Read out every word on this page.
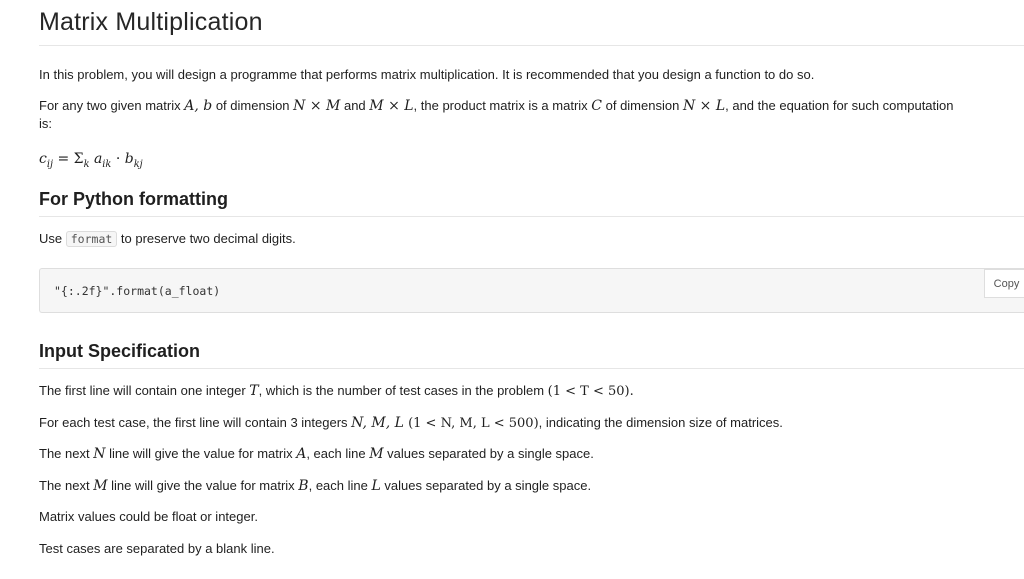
Matrix Multiplication

In this problem, you will design a programme that performs matrix multiplication. It is recommended that you design a function to do so.

For any two given matrix A, b of dimension N × M and M × L, the product matrix is a matrix C of dimension N × L, and the equation for such computation
is:

$c_{ij} = \Sigma_k$ $a_{ik} \cdot b_{kj}$

For Python formatting

Use format to preserve two decimal digits.

"{:.2f}".format(a_float)
Copy
Input Specification

The first line will contain one integer T, which is the number of test cases in the problem (1 < T < 50).

For each test case, the first line will contain 3 integers N, M, L (1 < N, M, L < 500), indicating the dimension size of matrices.

The next N line will give the value for matrix A, each line M values separated by a single space.

The next M line will give the value for matrix B, each line L values separated by a single space.

Matrix values could be float or integer.

Test cases are separated by a blank line.
